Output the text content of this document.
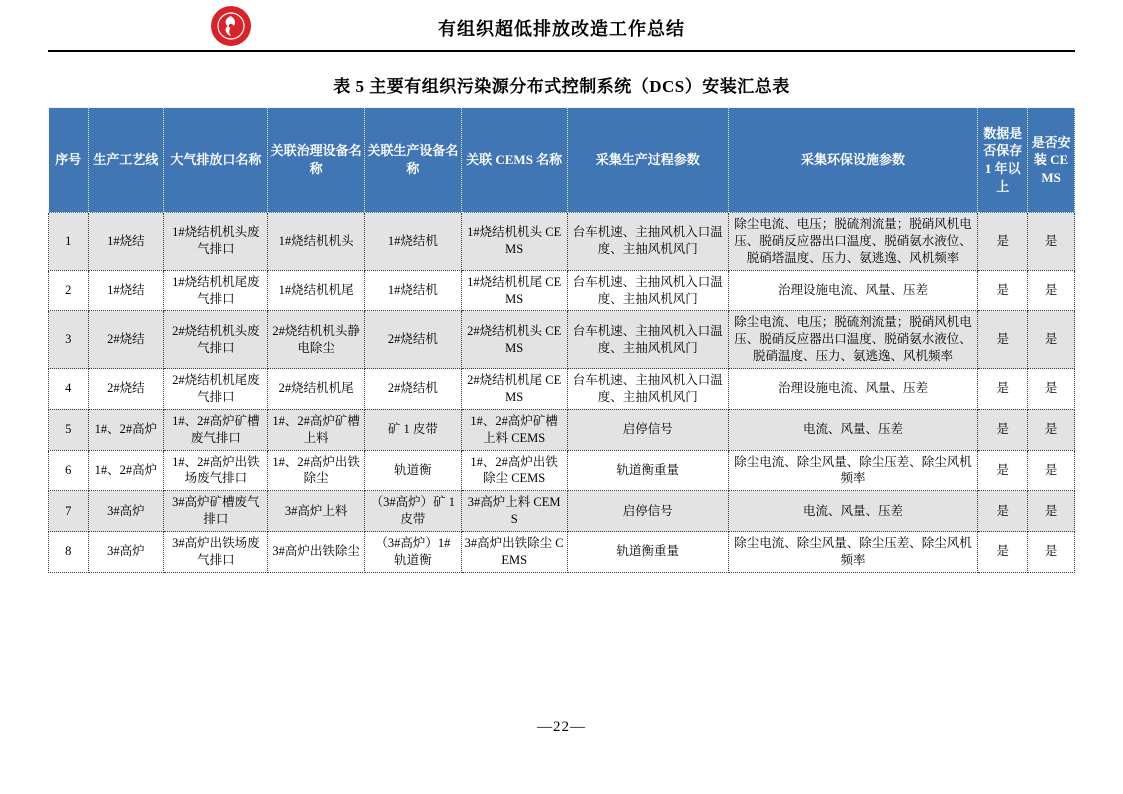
有组织超低排放改造工作总结
表 5 主要有组织污染源分布式控制系统（DCS）安装汇总表
序号	生产工艺线	大气排放口名称	关联治理设备名称	关联生产设备名称	关联 CEMS 名称	采集生产过程参数	采集环保设施参数	数据是否保存 1 年以上	是否安装 CEMS
1	1#烧结	1#烧结机机头废气排口	1#烧结机机头	1#烧结机	1#烧结机机头 CEMS	台车机速、主抽风机入口温度、主抽风机风门	除尘电流、电压；脱硫剂流量；脱硝风机电压、脱硝反应器出口温度、脱硝氨水液位、脱硝塔温度、压力、氨逃逸、风机频率	是	是
2	1#烧结	1#烧结机机尾废气排口	1#烧结机机尾	1#烧结机	1#烧结机机尾 CEMS	台车机速、主抽风机入口温度、主抽风机风门	治理设施电流、风量、压差	是	是
3	2#烧结	2#烧结机机头废气排口	2#烧结机机头静电除尘	2#烧结机	2#烧结机机头 CEMS	台车机速、主抽风机入口温度、主抽风机风门	除尘电流、电压；脱硫剂流量；脱硝风机电压、脱硝反应器出口温度、脱硝氨水液位、脱硝温度、压力、氨逃逸、风机频率	是	是
4	2#烧结	2#烧结机机尾废气排口	2#烧结机机尾	2#烧结机	2#烧结机机尾 CEMS	台车机速、主抽风机入口温度、主抽风机风门	治理设施电流、风量、压差	是	是
5	1#、2#高炉	1#、2#高炉矿槽废气排口	1#、2#高炉矿槽上料	矿 1 皮带	1#、2#高炉矿槽上料 CEMS	启停信号	电流、风量、压差	是	是
6	1#、2#高炉	1#、2#高炉出铁场废气排口	1#、2#高炉出铁除尘	轨道衡	1#、2#高炉出铁除尘 CEMS	轨道衡重量	除尘电流、除尘风量、除尘压差、除尘风机频率	是	是
7	3#高炉	3#高炉矿槽废气排口	3#高炉上料	（3#高炉）矿 1 皮带	3#高炉上料 CEMS	启停信号	电流、风量、压差	是	是
8	3#高炉	3#高炉出铁场废气排口	3#高炉出铁除尘	（3#高炉）1# 轨道衡	3#高炉出铁除尘 CEMS	轨道衡重量	除尘电流、除尘风量、除尘压差、除尘风机频率	是	是
—22—
